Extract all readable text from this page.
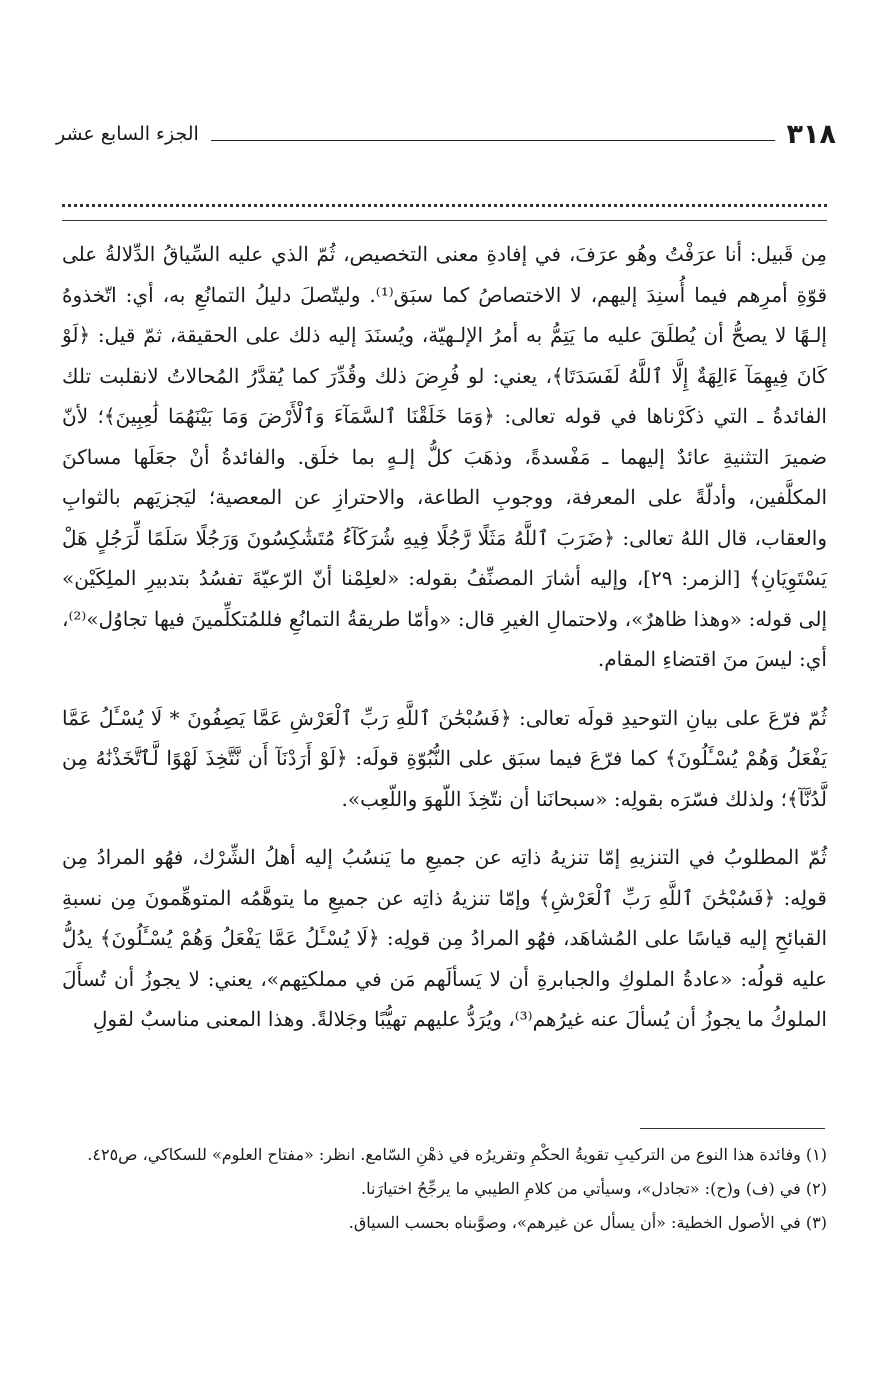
٣١٨
الجزء السابع عشر

مِن قَبيل: أنا عرَفْتُ وهُو عرَفَ، في إفادةِ معنى التخصيص، ثُمّ الذي عليه السِّياقُ الدِّلالةُ على قوّةِ أمرِهم فيما أُسنِدَ إليهم، لا الاختصاصُ كما سبَق⁽¹⁾. وليتّصلَ دليلُ التمانُعِ به، أي: اتّخذوهُ إلـهًا لا يصحُّ أن يُطلَقَ عليه ما يَتِمُّ به أمرُ الإلـهيّة، ويُسنَدَ إليه ذلك على الحقيقة، ثمّ قيل: ﴿لَوْ كَانَ فِيهِمَآ ءَالِهَةٌ إِلَّا ٱللَّهُ لَفَسَدَتَا﴾، يعني: لو فُرِضَ ذلك وقُدِّرَ كما يُقدَّرُ المُحالاتُ لانقلبت تلك الفائدةُ ـ التي ذكَرْناها في قوله تعالى: ﴿وَمَا خَلَقْنَا ٱلسَّمَآءَ وَٱلْأَرْضَ وَمَا بَيْنَهُمَا لَٰعِبِينَ﴾؛ لأنّ ضميرَ التثنيةِ عائدٌ إليهما ـ مَفْسدةً، وذهَبَ كلُّ إلـهٍ بما خلَق. والفائدةُ أنْ جعَلَها مساكنَ المكلَّفين، وأدلّةً على المعرفة، ووجوبِ الطاعة، والاحترازِ عن المعصية؛ ليَجزيَهم بالثوابِ والعقاب، قال اللهُ تعالى: ﴿ضَرَبَ ٱللَّهُ مَثَلًا رَّجُلًا فِيهِ شُرَكَآءُ مُتَشَٰكِسُونَ وَرَجُلًا سَلَمًا لِّرَجُلٍ هَلْ يَسْتَوِيَانِ﴾ [الزمر: ٢٩]، وإليه أشارَ المصنِّفُ بقوله: «لعلِمْنا أنّ الرّعيّةَ تفسُدُ بتدبيرِ الملِكَيْن» إلى قوله: «وهذا ظاهرٌ»، ولاحتمالِ الغيرِ قال: «وأمّا طريقةُ التمانُعِ فللمُتكلِّمينَ فيها تجاوُل»⁽²⁾، أي: ليسَ منَ اقتضاءِ المقام.

ثُمّ فرّعَ على بيانِ التوحيدِ قولَه تعالى: ﴿فَسُبْحَٰنَ ٱللَّهِ رَبِّ ٱلْعَرْشِ عَمَّا يَصِفُونَ * لَا يُسْـَٔلُ عَمَّا يَفْعَلُ وَهُمْ يُسْـَٔلُونَ﴾ كما فرّعَ فيما سبَق على النُّبُوّةِ قولَه: ﴿لَوْ أَرَدْنَآ أَن نَّتَّخِذَ لَهْوًا لَّٱتَّخَذْنَٰهُ مِن لَّدُنَّآ﴾؛ ولذلك فسّرَه بقولِه: «سبحانَنا أن نتّخِذَ اللّهوَ واللّعِب».

ثُمّ المطلوبُ في التنزيهِ إمّا تنزيهُ ذاتِه عن جميعِ ما يَنسُبُ إليه أهلُ الشِّرْك، فهُو المرادُ مِن قولِه: ﴿فَسُبْحَٰنَ ٱللَّهِ رَبِّ ٱلْعَرْشِ﴾ وإمّا تنزيهُ ذاتِه عن جميعِ ما يتوهَّمُه المتوهِّمونَ مِن نسبةِ القبائحِ إليه قياسًا على المُشاهَد، فهُو المرادُ مِن قولِه: ﴿لَا يُسْـَٔلُ عَمَّا يَفْعَلُ وَهُمْ يُسْـَٔلُونَ﴾ يدُلُّ عليه قولُه: «عادةُ الملوكِ والجبابرةِ أن لا يَسألَهم مَن في مملكتِهم»، يعني: لا يجوزُ أن تُسأَلَ الملوكُ ما يجوزُ أن يُسألَ عنه غيرُهم⁽³⁾، ويُرَدُّ عليهم تهيُّبًا وجَلالةً. وهذا المعنى مناسبٌ لقولِ

(١) وفائدة هذا النوع من التركيبِ تقويةُ الحكْمِ وتقريرُه في ذهْنِ السّامع. انظر: «مفتاح العلوم» للسكاكي، ص٤٢٥.

(٢) في (ف) و(ح): «تجادل»، وسيأتي من كلامِ الطيبي ما يرجِّحُ اختيارَنا.

(٣) في الأصول الخطية: «أن يسأل عن غيرهم»، وصوَّبناه بحسب السياق.
